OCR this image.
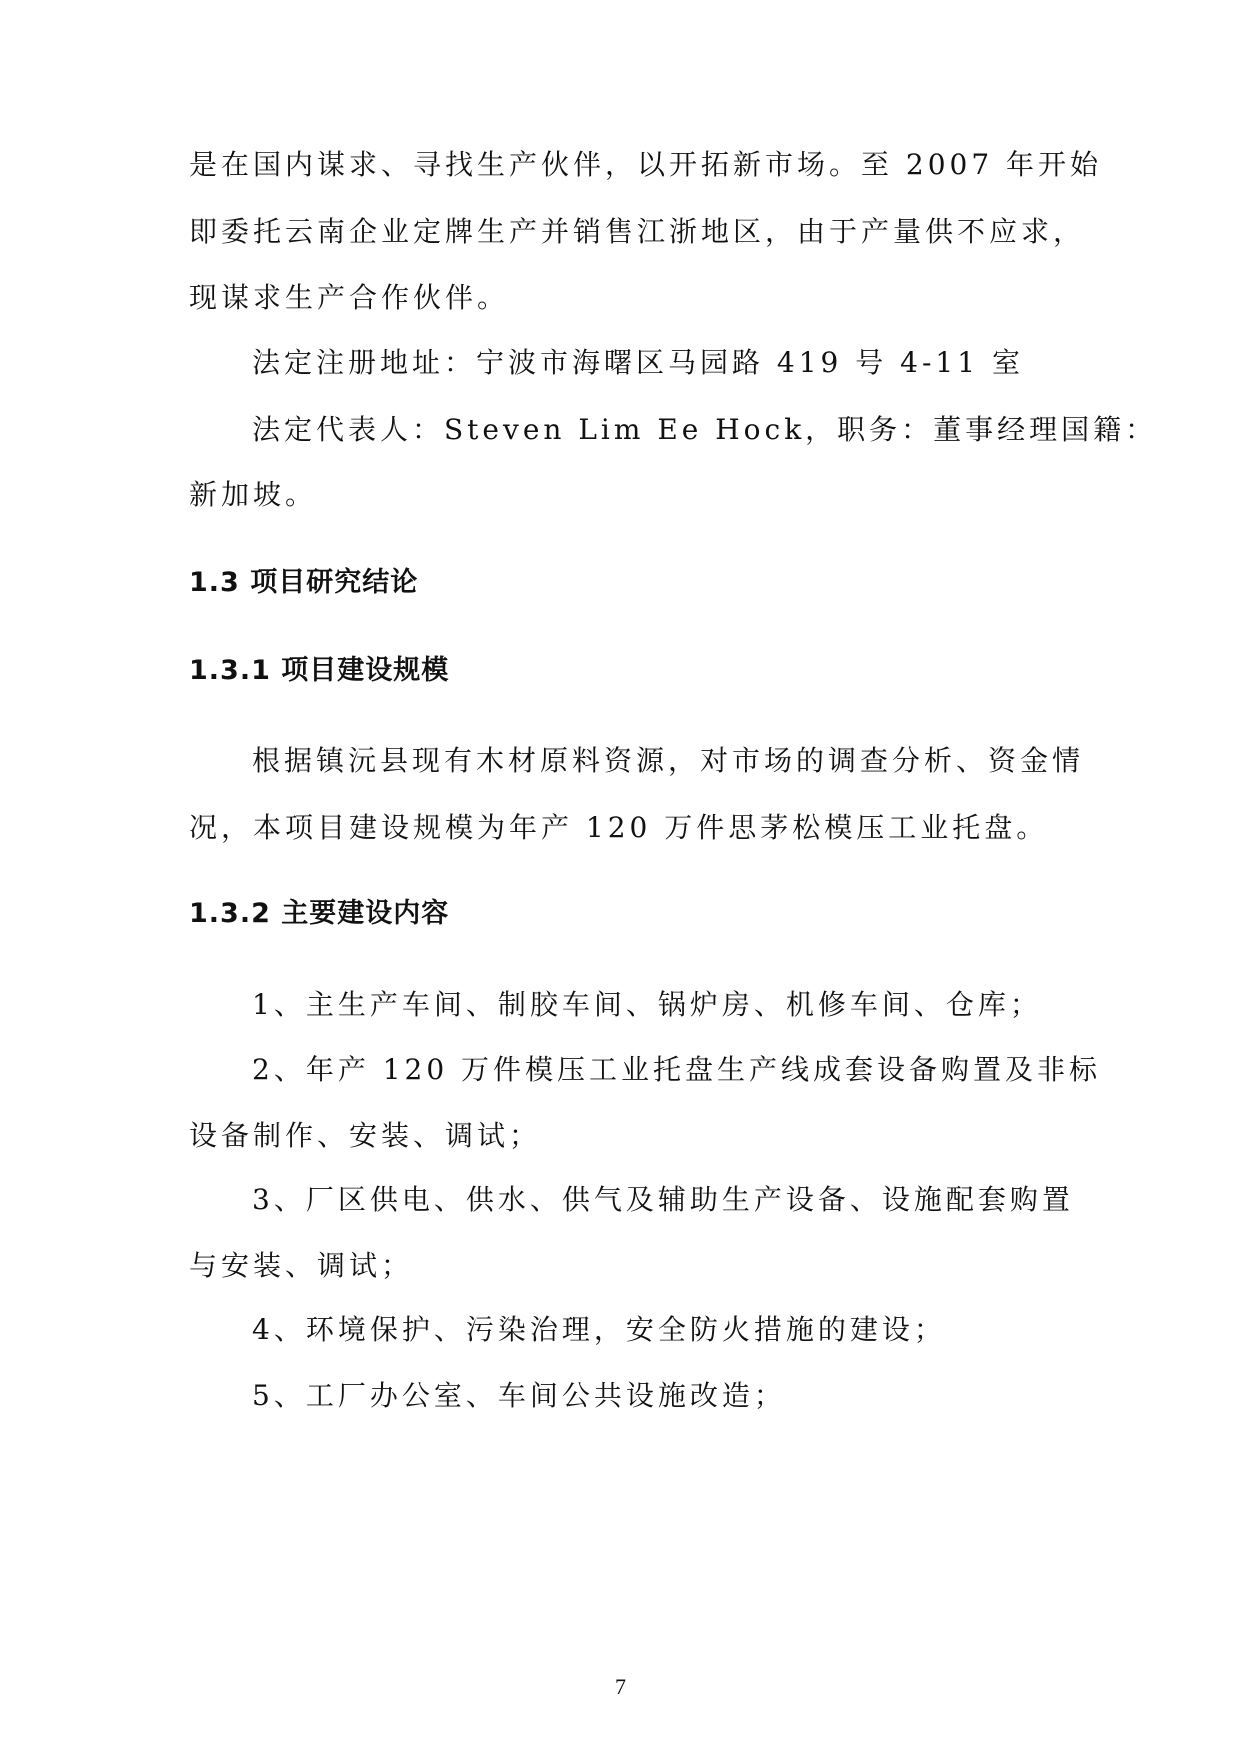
是在国内谋求、寻找生产伙伴，以开拓新市场。至 2007 年开始
即委托云南企业定牌生产并销售江浙地区，由于产量供不应求，
现谋求生产合作伙伴。
法定注册地址：宁波市海曙区马园路 419 号 4-11 室
法定代表人：Steven Lim Ee Hock，职务：董事经理国籍：
新加坡。
1.3 项目研究结论
1.3.1 项目建设规模
根据镇沅县现有木材原料资源，对市场的调查分析、资金情
况，本项目建设规模为年产 120 万件思茅松模压工业托盘。
1.3.2 主要建设内容
1、主生产车间、制胶车间、锅炉房、机修车间、仓库；
2、年产 120 万件模压工业托盘生产线成套设备购置及非标
设备制作、安装、调试；
3、厂区供电、供水、供气及辅助生产设备、设施配套购置
与安装、调试；
4、环境保护、污染治理，安全防火措施的建设；
5、工厂办公室、车间公共设施改造；
7
